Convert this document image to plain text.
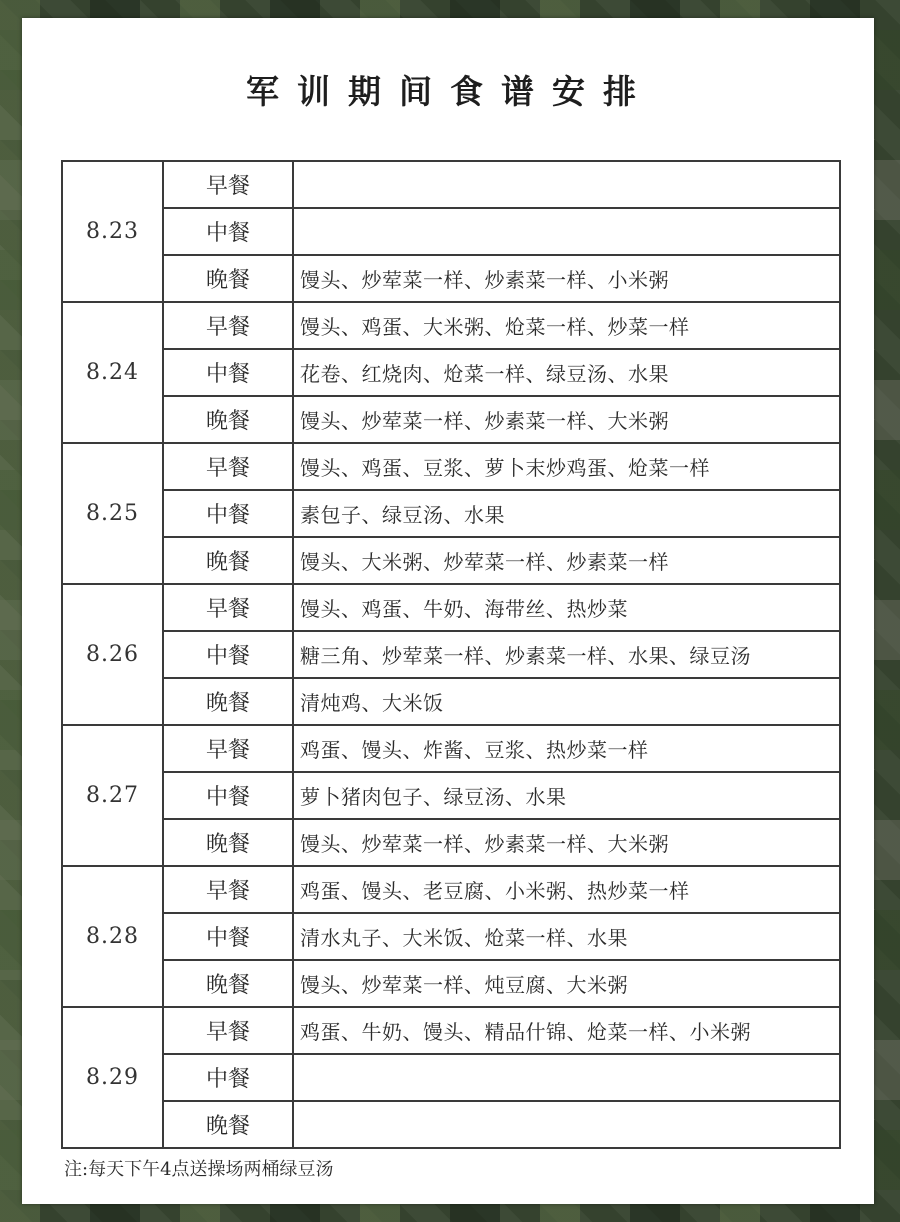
军训期间食谱安排
8.23	早餐	
	中餐	
	晚餐	馒头、炒荤菜一样、炒素菜一样、小米粥
8.24	早餐	馒头、鸡蛋、大米粥、炝菜一样、炒菜一样
	中餐	花卷、红烧肉、炝菜一样、绿豆汤、水果
	晚餐	馒头、炒荤菜一样、炒素菜一样、大米粥
8.25	早餐	馒头、鸡蛋、豆浆、萝卜末炒鸡蛋、炝菜一样
	中餐	素包子、绿豆汤、水果
	晚餐	馒头、大米粥、炒荤菜一样、炒素菜一样
8.26	早餐	馒头、鸡蛋、牛奶、海带丝、热炒菜
	中餐	糖三角、炒荤菜一样、炒素菜一样、水果、绿豆汤
	晚餐	清炖鸡、大米饭
8.27	早餐	鸡蛋、馒头、炸酱、豆浆、热炒菜一样
	中餐	萝卜猪肉包子、绿豆汤、水果
	晚餐	馒头、炒荤菜一样、炒素菜一样、大米粥
8.28	早餐	鸡蛋、馒头、老豆腐、小米粥、热炒菜一样
	中餐	清水丸子、大米饭、炝菜一样、水果
	晚餐	馒头、炒荤菜一样、炖豆腐、大米粥
8.29	早餐	鸡蛋、牛奶、馒头、精品什锦、炝菜一样、小米粥
	中餐	
	晚餐	
注:每天下午4点送操场两桶绿豆汤
